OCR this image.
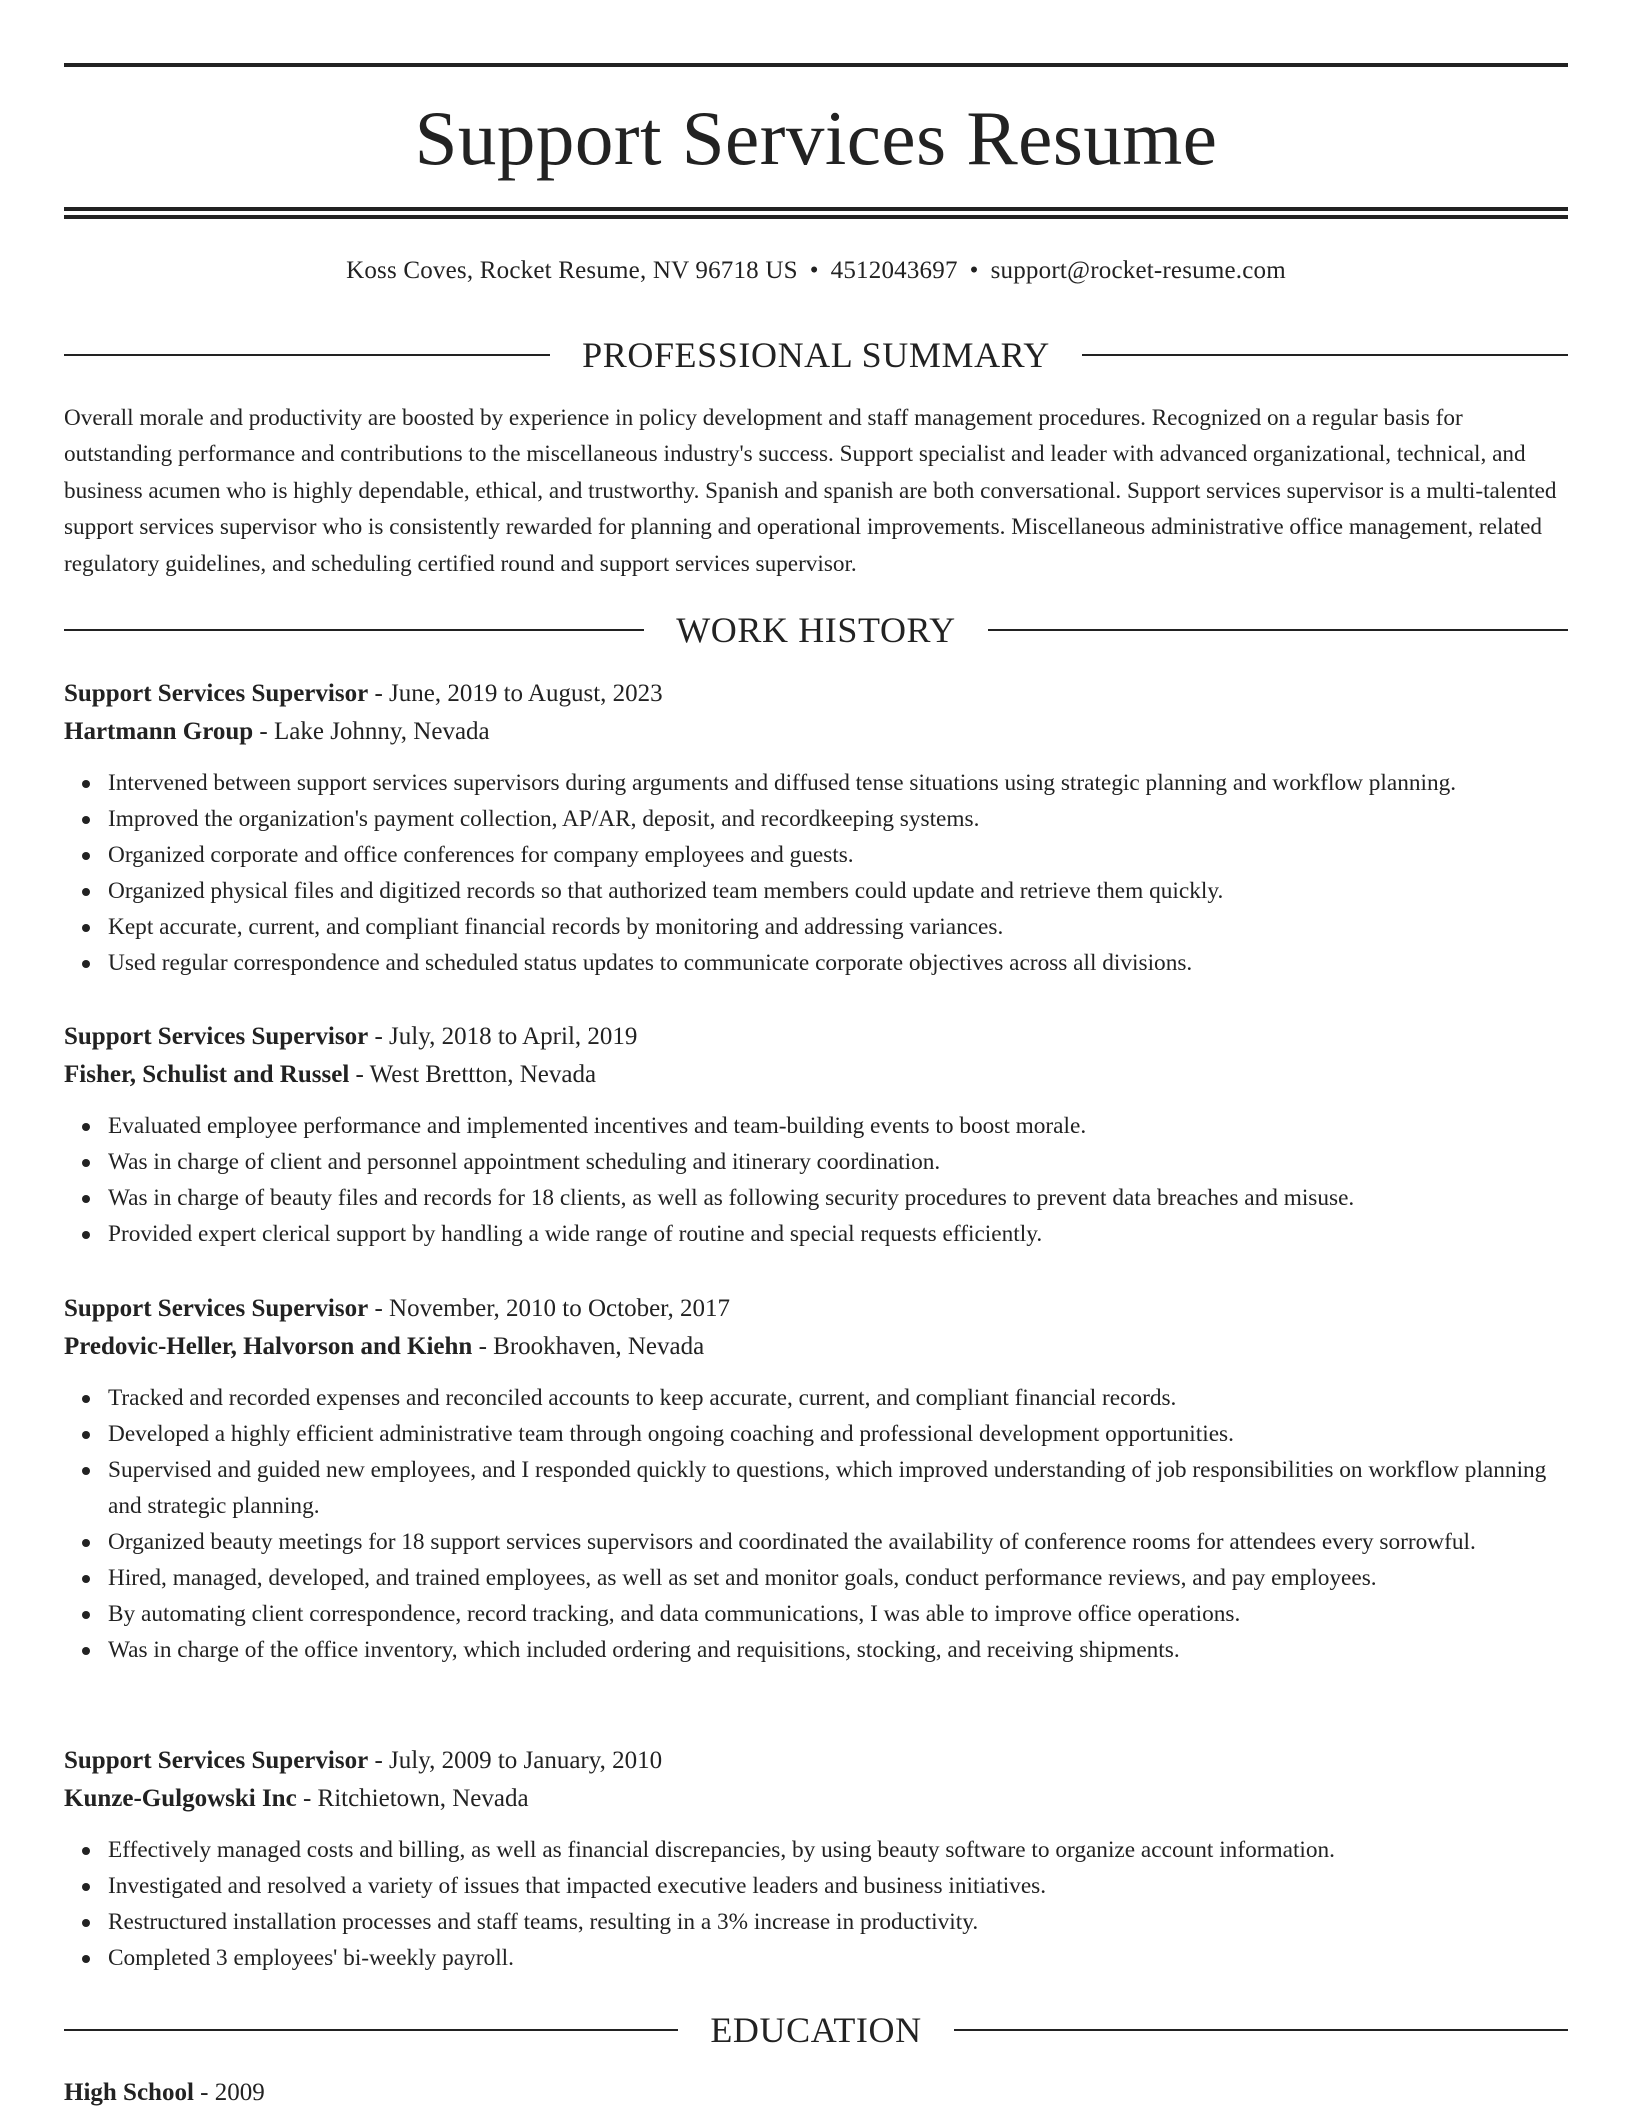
Support Services Resume
Koss Coves, Rocket Resume, NV 96718 US • 4512043697 • support@rocket-resume.com
PROFESSIONAL SUMMARY

Overall morale and productivity are boosted by experience in policy development and staff management procedures. Recognized on a regular basis for outstanding performance and contributions to the miscellaneous industry's success. Support specialist and leader with advanced organizational, technical, and business acumen who is highly dependable, ethical, and trustworthy. Spanish and spanish are both conversational. Support services supervisor is a multi-talented support services supervisor who is consistently rewarded for planning and operational improvements. Miscellaneous administrative office management, related regulatory guidelines, and scheduling certified round and support services supervisor.

WORK HISTORY
Support Services Supervisor - June, 2019 to August, 2023
Hartmann Group - Lake Johnny, Nevada
Intervened between support services supervisors during arguments and diffused tense situations using strategic planning and workflow planning.
Improved the organization's payment collection, AP/AR, deposit, and recordkeeping systems.
Organized corporate and office conferences for company employees and guests.
Organized physical files and digitized records so that authorized team members could update and retrieve them quickly.
Kept accurate, current, and compliant financial records by monitoring and addressing variances.
Used regular correspondence and scheduled status updates to communicate corporate objectives across all divisions.
Support Services Supervisor - July, 2018 to April, 2019
Fisher, Schulist and Russel - West Brettton, Nevada
Evaluated employee performance and implemented incentives and team-building events to boost morale.
Was in charge of client and personnel appointment scheduling and itinerary coordination.
Was in charge of beauty files and records for 18 clients, as well as following security procedures to prevent data breaches and misuse.
Provided expert clerical support by handling a wide range of routine and special requests efficiently.
Support Services Supervisor - November, 2010 to October, 2017
Predovic-Heller, Halvorson and Kiehn - Brookhaven, Nevada
Tracked and recorded expenses and reconciled accounts to keep accurate, current, and compliant financial records.
Developed a highly efficient administrative team through ongoing coaching and professional development opportunities.
Supervised and guided new employees, and I responded quickly to questions, which improved understanding of job responsibilities on workflow planning and strategic planning.
Organized beauty meetings for 18 support services supervisors and coordinated the availability of conference rooms for attendees every sorrowful.
Hired, managed, developed, and trained employees, as well as set and monitor goals, conduct performance reviews, and pay employees.
By automating client correspondence, record tracking, and data communications, I was able to improve office operations.
Was in charge of the office inventory, which included ordering and requisitions, stocking, and receiving shipments.
Support Services Supervisor - July, 2009 to January, 2010
Kunze-Gulgowski Inc - Ritchietown, Nevada
Effectively managed costs and billing, as well as financial discrepancies, by using beauty software to organize account information.
Investigated and resolved a variety of issues that impacted executive leaders and business initiatives.
Restructured installation processes and staff teams, resulting in a 3% increase in productivity.
Completed 3 employees' bi-weekly payroll.
EDUCATION
High School - 2009
